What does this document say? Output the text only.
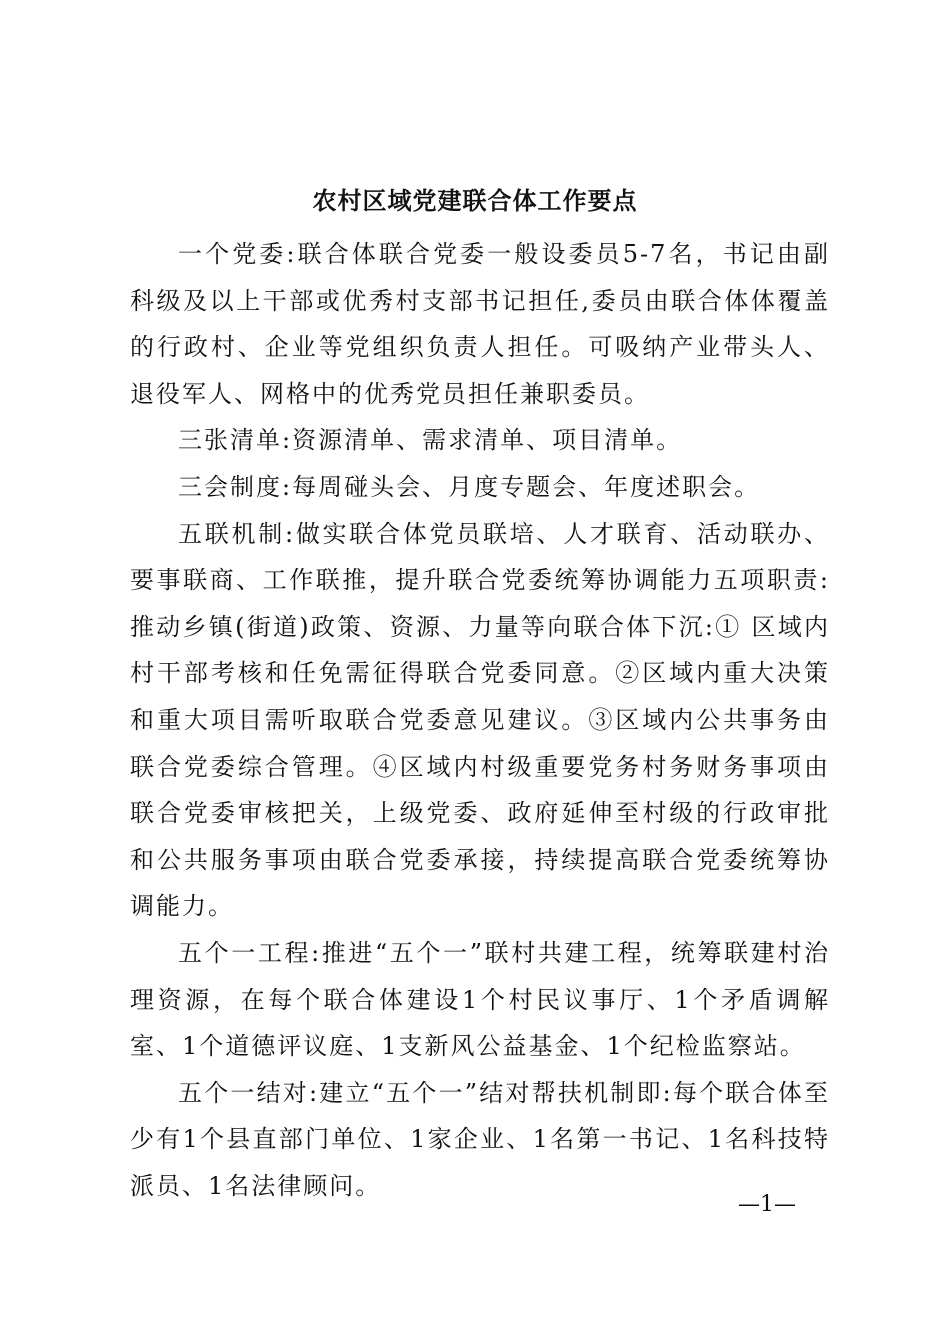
农村区域党建联合体工作要点

一个党委:联合体联合党委一般设委员5-7名，书记由副科级及以上干部或优秀村支部书记担任,委员由联合体体覆盖的行政村、企业等党组织负责人担任。可吸纳产业带头人、退役军人、网格中的优秀党员担任兼职委员。

三张清单:资源清单、需求清单、项目清单。

三会制度:每周碰头会、月度专题会、年度述职会。

五联机制:做实联合体党员联培、人才联育、活动联办、要事联商、工作联推，提升联合党委统筹协调能力五项职责:推动乡镇(街道)政策、资源、力量等向联合体下沉:① 区域内村干部考核和任免需征得联合党委同意。②区域内重大决策和重大项目需听取联合党委意见建议。③区域内公共事务由联合党委综合管理。④区域内村级重要党务村务财务事项由联合党委审核把关，上级党委、政府延伸至村级的行政审批和公共服务事项由联合党委承接，持续提高联合党委统筹协调能力。

五个一工程:推进“五个一”联村共建工程，统筹联建村治理资源，在每个联合体建设1个村民议事厅、1个矛盾调解室、1个道德评议庭、1支新风公益基金、1个纪检监察站。

五个一结对:建立“五个一”结对帮扶机制即:每个联合体至少有1个县直部门单位、1家企业、1名第一书记、1名科技特派员、1名法律顾问。

—1—
